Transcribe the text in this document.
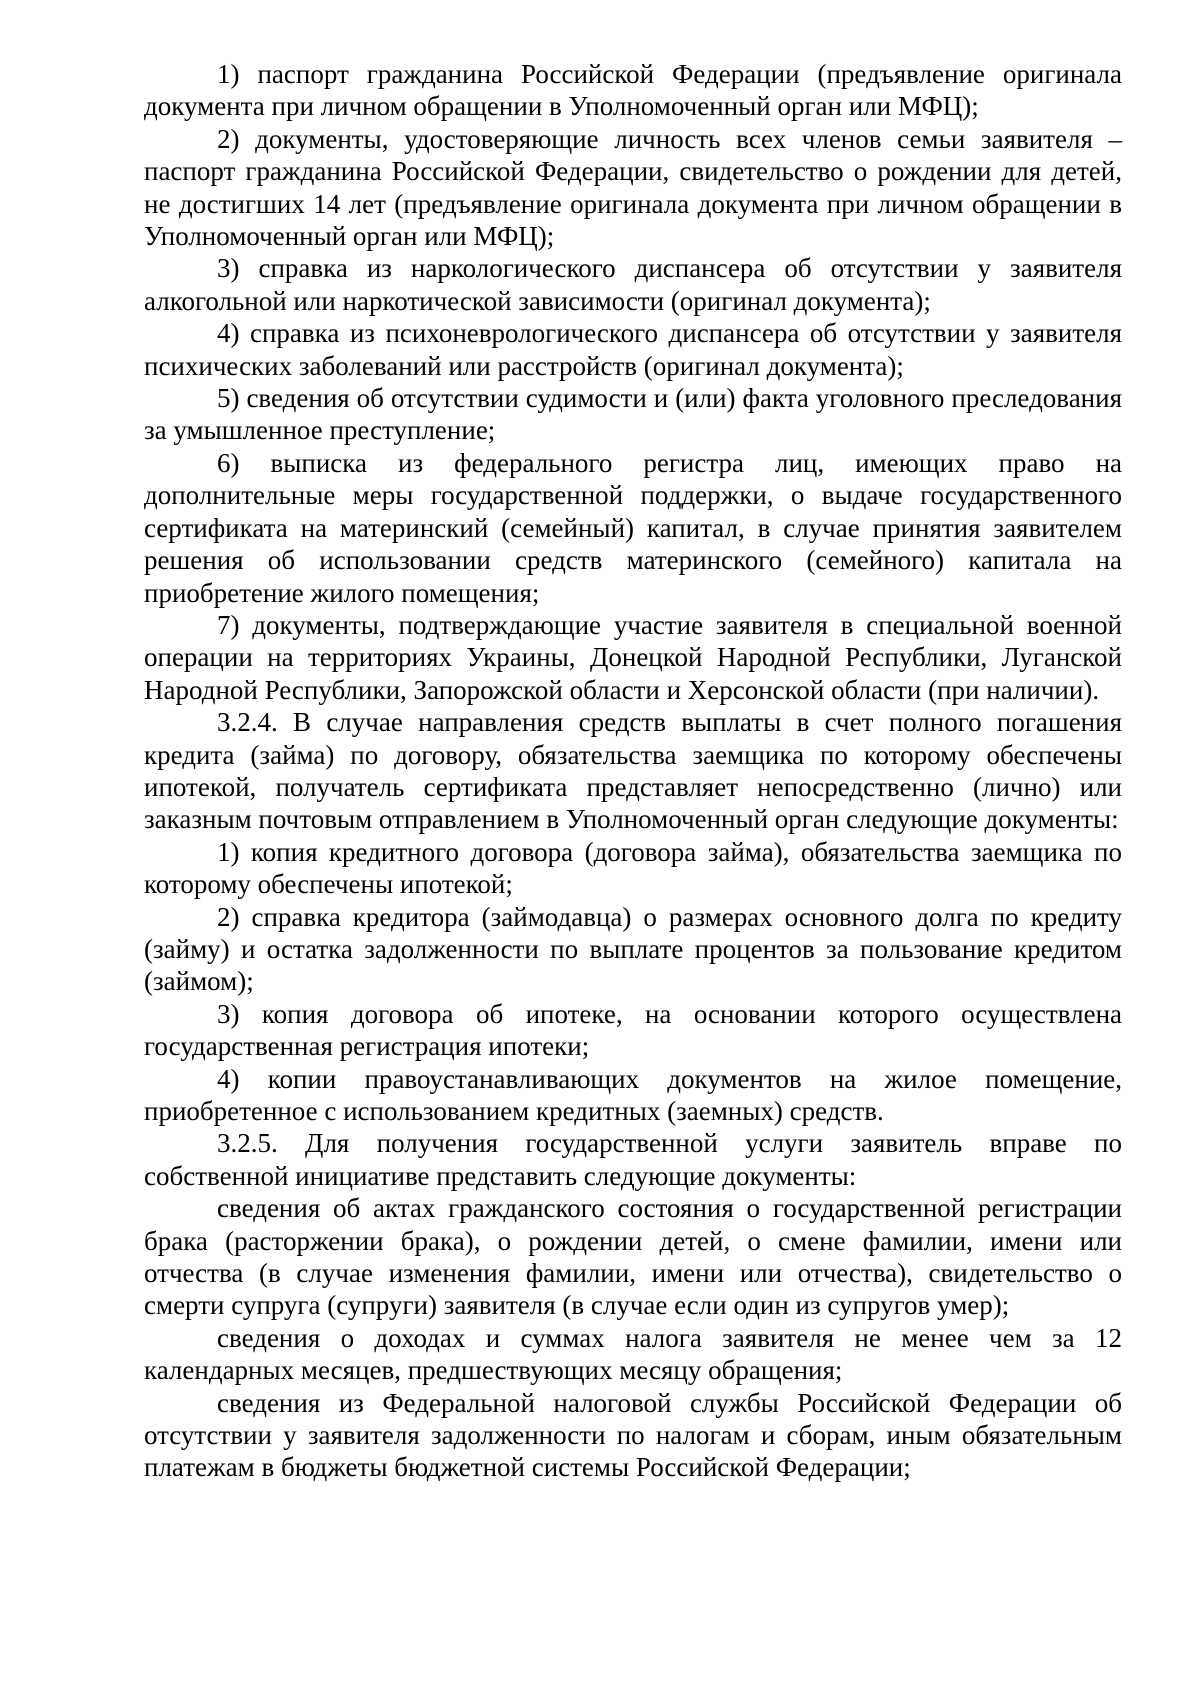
1) паспорт гражданина Российской Федерации (предъявление оригинала документа при личном обращении в Уполномоченный орган или МФЦ);

2) документы, удостоверяющие личность всех членов семьи заявителя – паспорт гражданина Российской Федерации, свидетельство о рождении для детей, не достигших 14 лет (предъявление оригинала документа при личном обращении в Уполномоченный орган или МФЦ);

3) справка из наркологического диспансера об отсутствии у заявителя алкогольной или наркотической зависимости (оригинал документа);

4) справка из психоневрологического диспансера об отсутствии у заявителя психических заболеваний или расстройств (оригинал документа);

5) сведения об отсутствии судимости и (или) факта уголовного преследования за умышленное преступление;

6) выписка из федерального регистра лиц, имеющих право на дополнительные меры государственной поддержки, о выдаче государственного сертификата на материнский (семейный) капитал, в случае принятия заявителем решения об использовании средств материнского (семейного) капитала на приобретение жилого помещения;

7) документы, подтверждающие участие заявителя в специальной военной операции на территориях Украины, Донецкой Народной Республики, Луганской Народной Республики, Запорожской области и Херсонской области (при наличии).

3.2.4. В случае направления средств выплаты в счет полного погашения кредита (займа) по договору, обязательства заемщика по которому обеспечены ипотекой, получатель сертификата представляет непосредственно (лично) или заказным почтовым отправлением в Уполномоченный орган следующие документы:

1) копия кредитного договора (договора займа), обязательства заемщика по которому обеспечены ипотекой;

2) справка кредитора (займодавца) о размерах основного долга по кредиту (займу) и остатка задолженности по выплате процентов за пользование кредитом (займом);

3) копия договора об ипотеке, на основании которого осуществлена государственная регистрация ипотеки;

4) копии правоустанавливающих документов на жилое помещение, приобретенное с использованием кредитных (заемных) средств.

3.2.5. Для получения государственной услуги заявитель вправе по собственной инициативе представить следующие документы:

сведения об актах гражданского состояния о государственной регистрации брака (расторжении брака), о рождении детей, о смене фамилии, имени или отчества (в случае изменения фамилии, имени или отчества), свидетельство о смерти супруга (супруги) заявителя (в случае если один из супругов умер);

сведения о доходах и суммах налога заявителя не менее чем за 12 календарных месяцев, предшествующих месяцу обращения;

сведения из Федеральной налоговой службы Российской Федерации об отсутствии у заявителя задолженности по налогам и сборам, иным обязательным платежам в бюджеты бюджетной системы Российской Федерации;
